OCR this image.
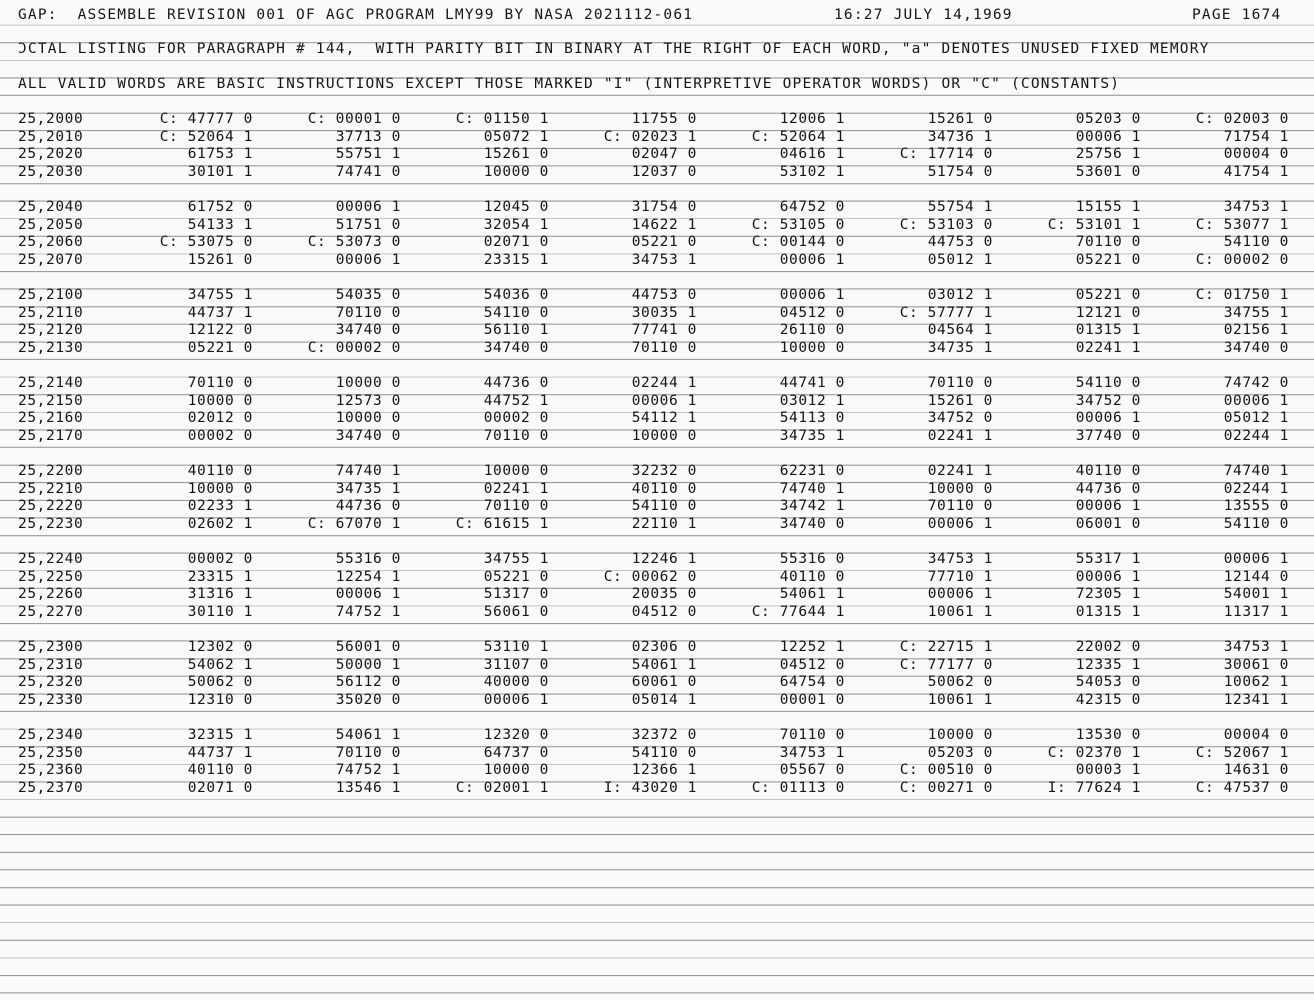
GAP:  ASSEMBLE REVISION 001 OF AGC PROGRAM LMY99 BY NASA 2021112-061	16:27 JULY 14,1969	PAGE 1674
ƆCTAL LISTING FOR PARAGRAPH # 144,  WITH PARITY BIT IN BINARY AT THE RIGHT OF EACH WORD, "a" DENOTES UNUSED FIXED MEMORY
ALL VALID WORDS ARE BASIC INSTRUCTIONS EXCEPT THOSE MARKED "I" (INTERPRETIVE OPERATOR WORDS) OR "C" (CONSTANTS)
25,2000	C: 47777 0	C: 00001 0	C: 01150 1	11755 0	12006 1	15261 0	05203 0	C: 02003 0
25,2010	C: 52064 1	37713 0	05072 1	C: 02023 1	C: 52064 1	34736 1	00006 1	71754 1
25,2020	61753 1	55751 1	15261 0	02047 0	04616 1	C: 17714 0	25756 1	00004 0
25,2030	30101 1	74741 0	10000 0	12037 0	53102 1	51754 0	53601 0	41754 1
25,2040	61752 0	00006 1	12045 0	31754 0	64752 0	55754 1	15155 1	34753 1
25,2050	54133 1	51751 0	32054 1	14622 1	C: 53105 0	C: 53103 0	C: 53101 1	C: 53077 1
25,2060	C: 53075 0	C: 53073 0	02071 0	05221 0	C: 00144 0	44753 0	70110 0	54110 0
25,2070	15261 0	00006 1	23315 1	34753 1	00006 1	05012 1	05221 0	C: 00002 0
25,2100	34755 1	54035 0	54036 0	44753 0	00006 1	03012 1	05221 0	C: 01750 1
25,2110	44737 1	70110 0	54110 0	30035 1	04512 0	C: 57777 1	12121 0	34755 1
25,2120	12122 0	34740 0	56110 1	77741 0	26110 0	04564 1	01315 1	02156 1
25,2130	05221 0	C: 00002 0	34740 0	70110 0	10000 0	34735 1	02241 1	34740 0
25,2140	70110 0	10000 0	44736 0	02244 1	44741 0	70110 0	54110 0	74742 0
25,2150	10000 0	12573 0	44752 1	00006 1	03012 1	15261 0	34752 0	00006 1
25,2160	02012 0	10000 0	00002 0	54112 1	54113 0	34752 0	00006 1	05012 1
25,2170	00002 0	34740 0	70110 0	10000 0	34735 1	02241 1	37740 0	02244 1
25,2200	40110 0	74740 1	10000 0	32232 0	62231 0	02241 1	40110 0	74740 1
25,2210	10000 0	34735 1	02241 1	40110 0	74740 1	10000 0	44736 0	02244 1
25,2220	02233 1	44736 0	70110 0	54110 0	34742 1	70110 0	00006 1	13555 0
25,2230	02602 1	C: 67070 1	C: 61615 1	22110 1	34740 0	00006 1	06001 0	54110 0
25,2240	00002 0	55316 0	34755 1	12246 1	55316 0	34753 1	55317 1	00006 1
25,2250	23315 1	12254 1	05221 0	C: 00062 0	40110 0	77710 1	00006 1	12144 0
25,2260	31316 1	00006 1	51317 0	20035 0	54061 1	00006 1	72305 1	54001 1
25,2270	30110 1	74752 1	56061 0	04512 0	C: 77644 1	10061 1	01315 1	11317 1
25,2300	12302 0	56001 0	53110 1	02306 0	12252 1	C: 22715 1	22002 0	34753 1
25,2310	54062 1	50000 1	31107 0	54061 1	04512 0	C: 77177 0	12335 1	30061 0
25,2320	50062 0	56112 0	40000 0	60061 0	64754 0	50062 0	54053 0	10062 1
25,2330	12310 0	35020 0	00006 1	05014 1	00001 0	10061 1	42315 0	12341 1
25,2340	32315 1	54061 1	12320 0	32372 0	70110 0	10000 0	13530 0	00004 0
25,2350	44737 1	70110 0	64737 0	54110 0	34753 1	05203 0	C: 02370 1	C: 52067 1
25,2360	40110 0	74752 1	10000 0	12366 1	05567 0	C: 00510 0	00003 1	14631 0
25,2370	02071 0	13546 1	C: 02001 1	I: 43020 1	C: 01113 0	C: 00271 0	I: 77624 1	C: 47537 0
